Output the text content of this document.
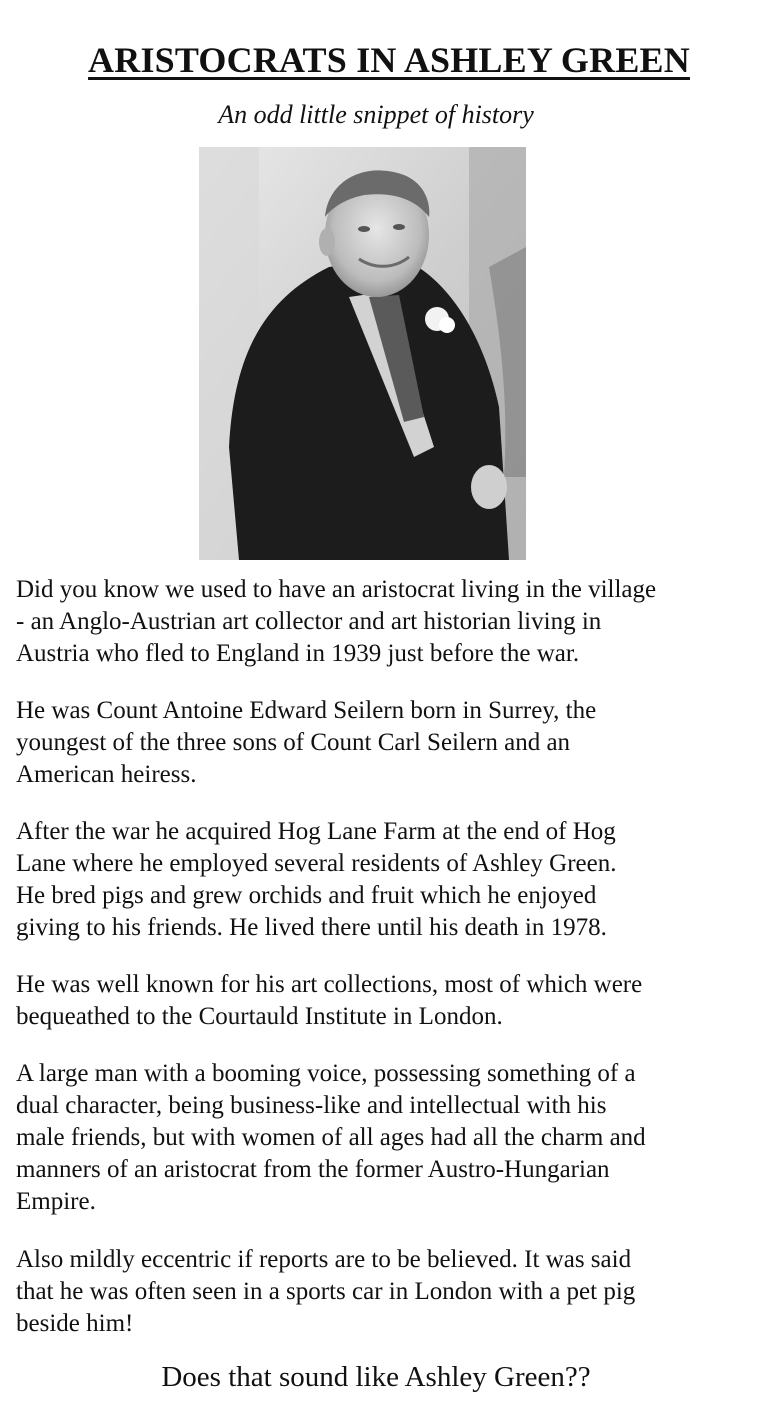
ARISTOCRATS IN ASHLEY GREEN

An odd little snippet of history

Did you know we used to have an aristocrat living in the village
- an Anglo-Austrian art collector and art historian living in
Austria who fled to England in 1939 just before the war.

He was Count Antoine Edward Seilern born in Surrey, the
youngest of the three sons of Count Carl Seilern and an
American heiress.

After the war he acquired Hog Lane Farm at the end of Hog
Lane where he employed several residents of Ashley Green.
He bred pigs and grew orchids and fruit which he enjoyed
giving to his friends. He lived there until his death in 1978.

He was well known for his art collections, most of which were
bequeathed to the Courtauld Institute in London.

A large man with a booming voice, possessing something of a
dual character, being business-like and intellectual with his
male friends, but with women of all ages had all the charm and
manners of an aristocrat from the former Austro-Hungarian
Empire.

Also mildly eccentric if reports are to be believed. It was said
that he was often seen in a sports car in London with a pet pig
beside him!

Does that sound like Ashley Green??
